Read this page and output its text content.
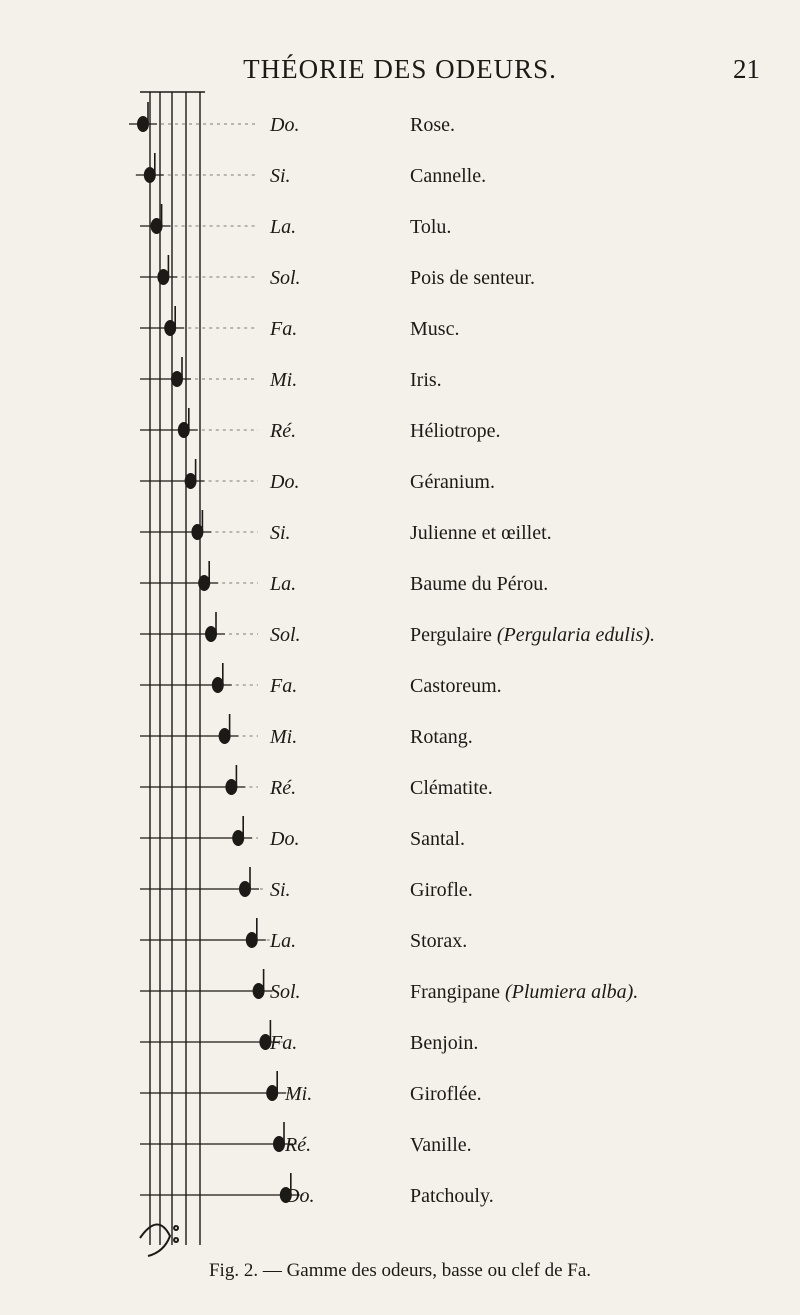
THÉORIE DES ODEURS.	21
Do.	Rose.
Si.	Cannelle.
La.	Tolu.
Sol.	Pois de senteur.
Fa.	Musc.
Mi.	Iris.
Ré.	Héliotrope.
Do.	Géranium.
Si.	Julienne et œillet.
La.	Baume du Pérou.
Sol.	Pergulaire (Pergularia edulis).
Fa.	Castoreum.
Mi.	Rotang.
Ré.	Clématite.
Do.	Santal.
Si.	Girofle.
La.	Storax.
Sol.	Frangipane (Plumiera alba).
Fa.	Benjoin.
Mi.	Giroflée.
Ré.	Vanille.
Do.	Patchouly.
Fig. 2. — Gamme des odeurs, basse ou clef de Fa.
